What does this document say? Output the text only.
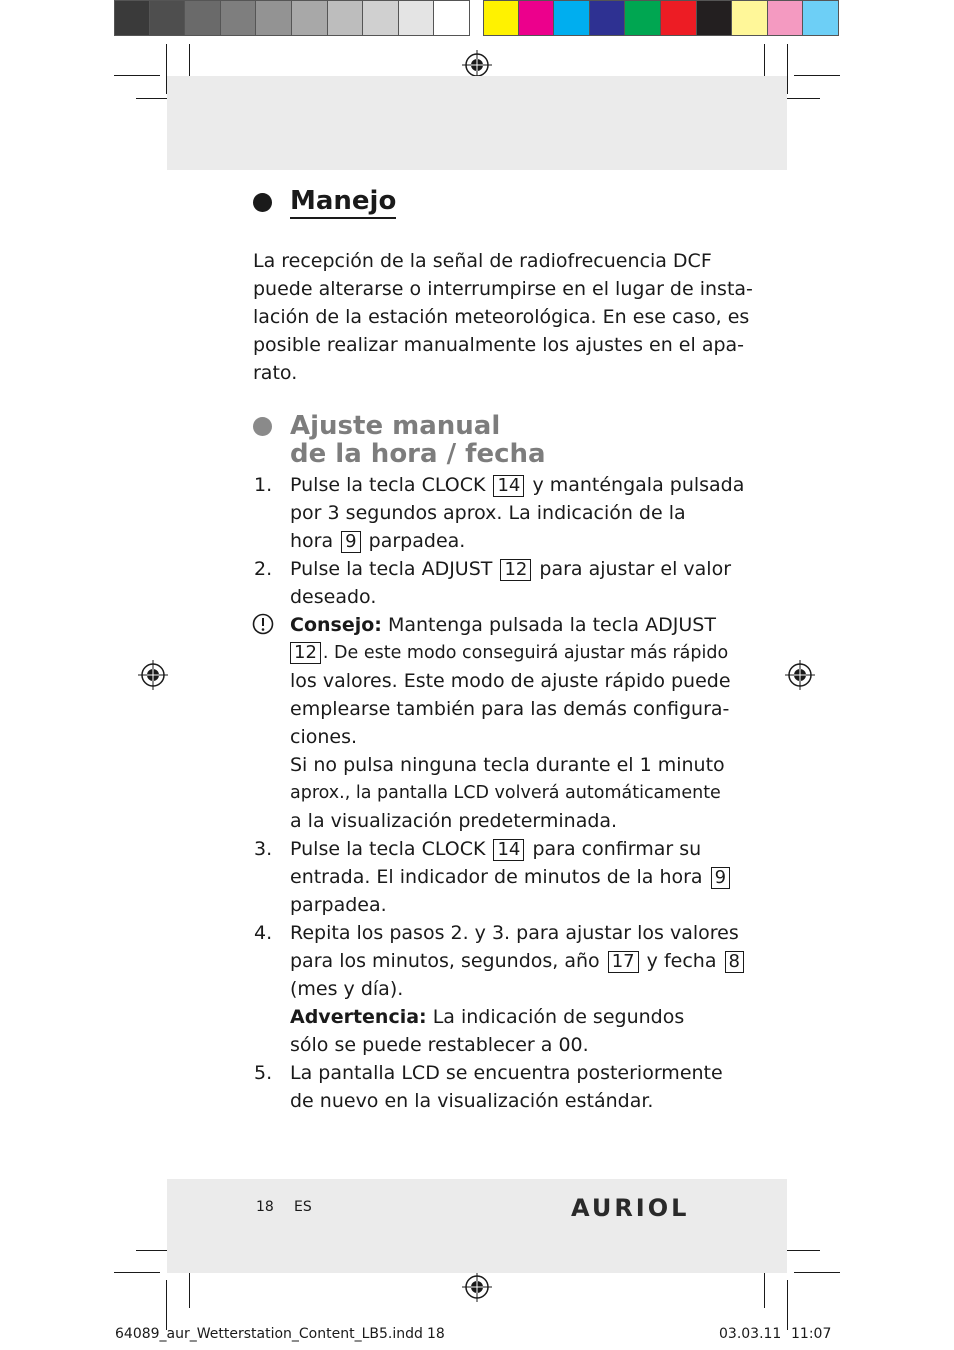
Manejo
La recepción de la señal de radiofrecuencia DCF
puede alterarse o interrumpirse en el lugar de insta-
lación de la estación meteorológica. En ese caso, es
posible realizar manualmente los ajustes en el apa-
rato.
Ajuste manual
de la hora / fecha
1. Pulse la tecla CLOCK 14 y manténgala pulsada
por 3 segundos aprox. La indicación de la
hora 9 parpadea.
2. Pulse la tecla ADJUST 12 para ajustar el valor
deseado.
Consejo: Mantenga pulsada la tecla ADJUST
12 . De este modo conseguirá ajustar más rápido
los valores. Este modo de ajuste rápido puede
emplearse también para las demás configura-
ciones.
Si no pulsa ninguna tecla durante el 1 minuto
aprox., la pantalla LCD volverá automáticamente
a la visualización predeterminada.
3. Pulse la tecla CLOCK 14 para confirmar su
entrada. El indicador de minutos de la hora 9
parpadea.
4. Repita los pasos 2. y 3. para ajustar los valores
para los minutos, segundos, año 17 y fecha 8
(mes y día).
Advertencia: La indicación de segundos
sólo se puede restablecer a 00.
5. La pantalla LCD se encuentra posteriormente
de nuevo en la visualización estándar.
18 ES	AURIOL
64089_aur_Wetterstation_Content_LB5.indd 18	03.03.11 11:07
